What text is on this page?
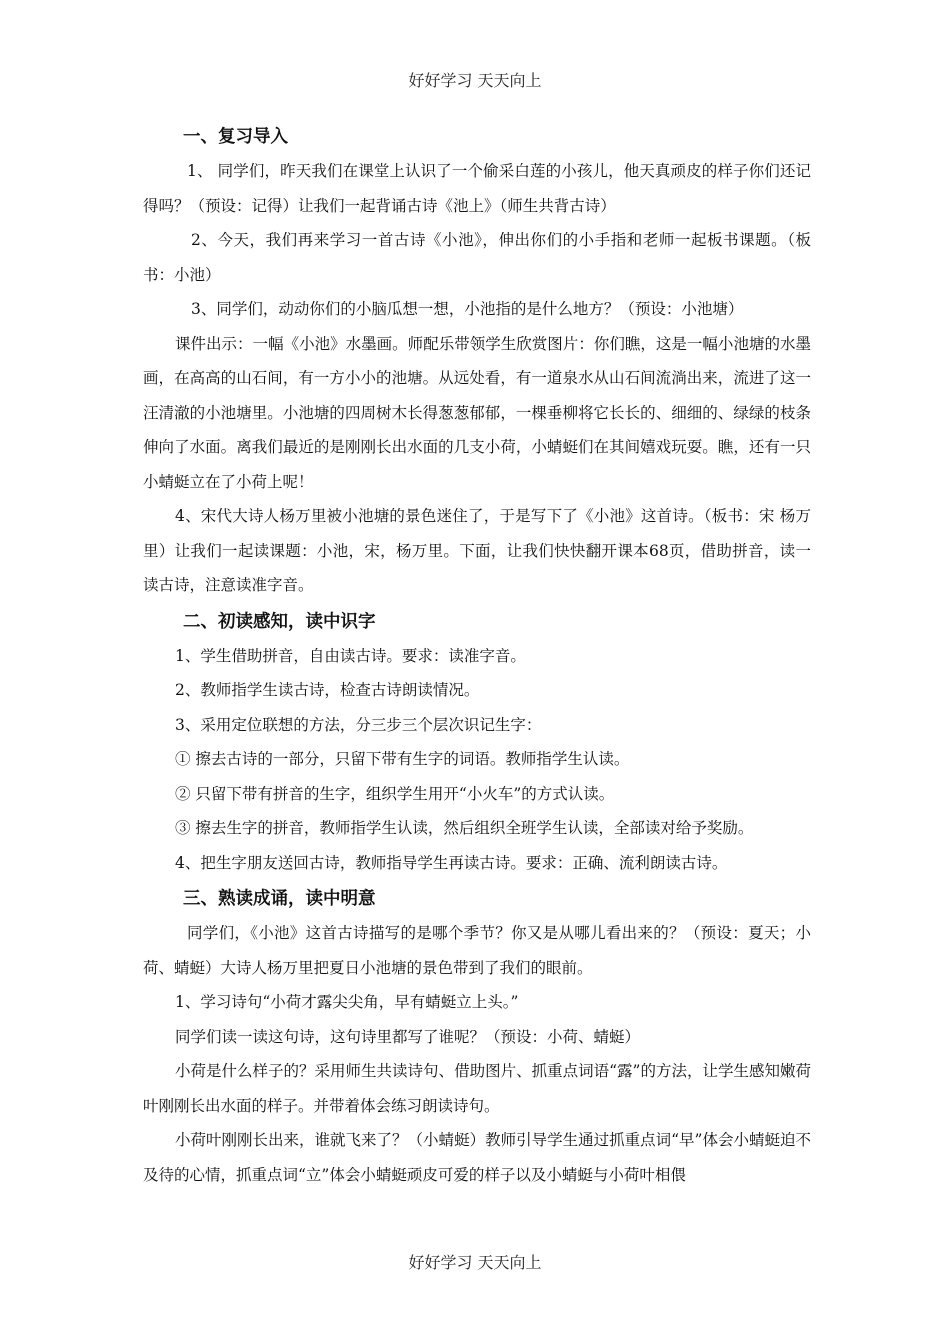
好好学习 天天向上
一、复习导入

1、 同学们，昨天我们在课堂上认识了一个偷采白莲的小孩儿，他天真顽皮的样子你们还记得吗？（预设：记得）让我们一起背诵古诗《池上》（师生共背古诗）

2、今天，我们再来学习一首古诗《小池》，伸出你们的小手指和老师一起板书课题。（板书：小池）

3、同学们，动动你们的小脑瓜想一想，小池指的是什么地方？（预设：小池塘）

课件出示：一幅《小池》水墨画。师配乐带领学生欣赏图片：你们瞧，这是一幅小池塘的水墨画，在高高的山石间，有一方小小的池塘。从远处看，有一道泉水从山石间流淌出来，流进了这一汪清澈的小池塘里。小池塘的四周树木长得葱葱郁郁，一棵垂柳将它长长的、细细的、绿绿的枝条伸向了水面。离我们最近的是刚刚长出水面的几支小荷，小蜻蜓们在其间嬉戏玩耍。瞧，还有一只小蜻蜓立在了小荷上呢！

4、宋代大诗人杨万里被小池塘的景色迷住了，于是写下了《小池》这首诗。（板书：宋 杨万里）让我们一起读课题：小池，宋，杨万里。下面，让我们快快翻开课本68页，借助拼音，读一读古诗，注意读准字音。

二、初读感知，读中识字

1、学生借助拼音，自由读古诗。要求：读准字音。

2、教师指学生读古诗，检查古诗朗读情况。

3、采用定位联想的方法，分三步三个层次识记生字：

① 擦去古诗的一部分，只留下带有生字的词语。教师指学生认读。

② 只留下带有拼音的生字，组织学生用开“小火车”的方式认读。

③ 擦去生字的拼音，教师指学生认读，然后组织全班学生认读，全部读对给予奖励。

4、把生字朋友送回古诗，教师指导学生再读古诗。要求：正确、流利朗读古诗。

三、熟读成诵，读中明意

同学们，《小池》这首古诗描写的是哪个季节？你又是从哪儿看出来的？（预设：夏天；小荷、蜻蜓）大诗人杨万里把夏日小池塘的景色带到了我们的眼前。

1、学习诗句“小荷才露尖尖角，早有蜻蜓立上头。”

同学们读一读这句诗，这句诗里都写了谁呢？（预设：小荷、蜻蜓）

小荷是什么样子的？采用师生共读诗句、借助图片、抓重点词语“露”的方法，让学生感知嫩荷叶刚刚长出水面的样子。并带着体会练习朗读诗句。

小荷叶刚刚长出来，谁就飞来了？（小蜻蜓）教师引导学生通过抓重点词“早”体会小蜻蜓迫不及待的心情，抓重点词“立”体会小蜻蜓顽皮可爱的样子以及小蜻蜓与小荷叶相偎

好好学习 天天向上
